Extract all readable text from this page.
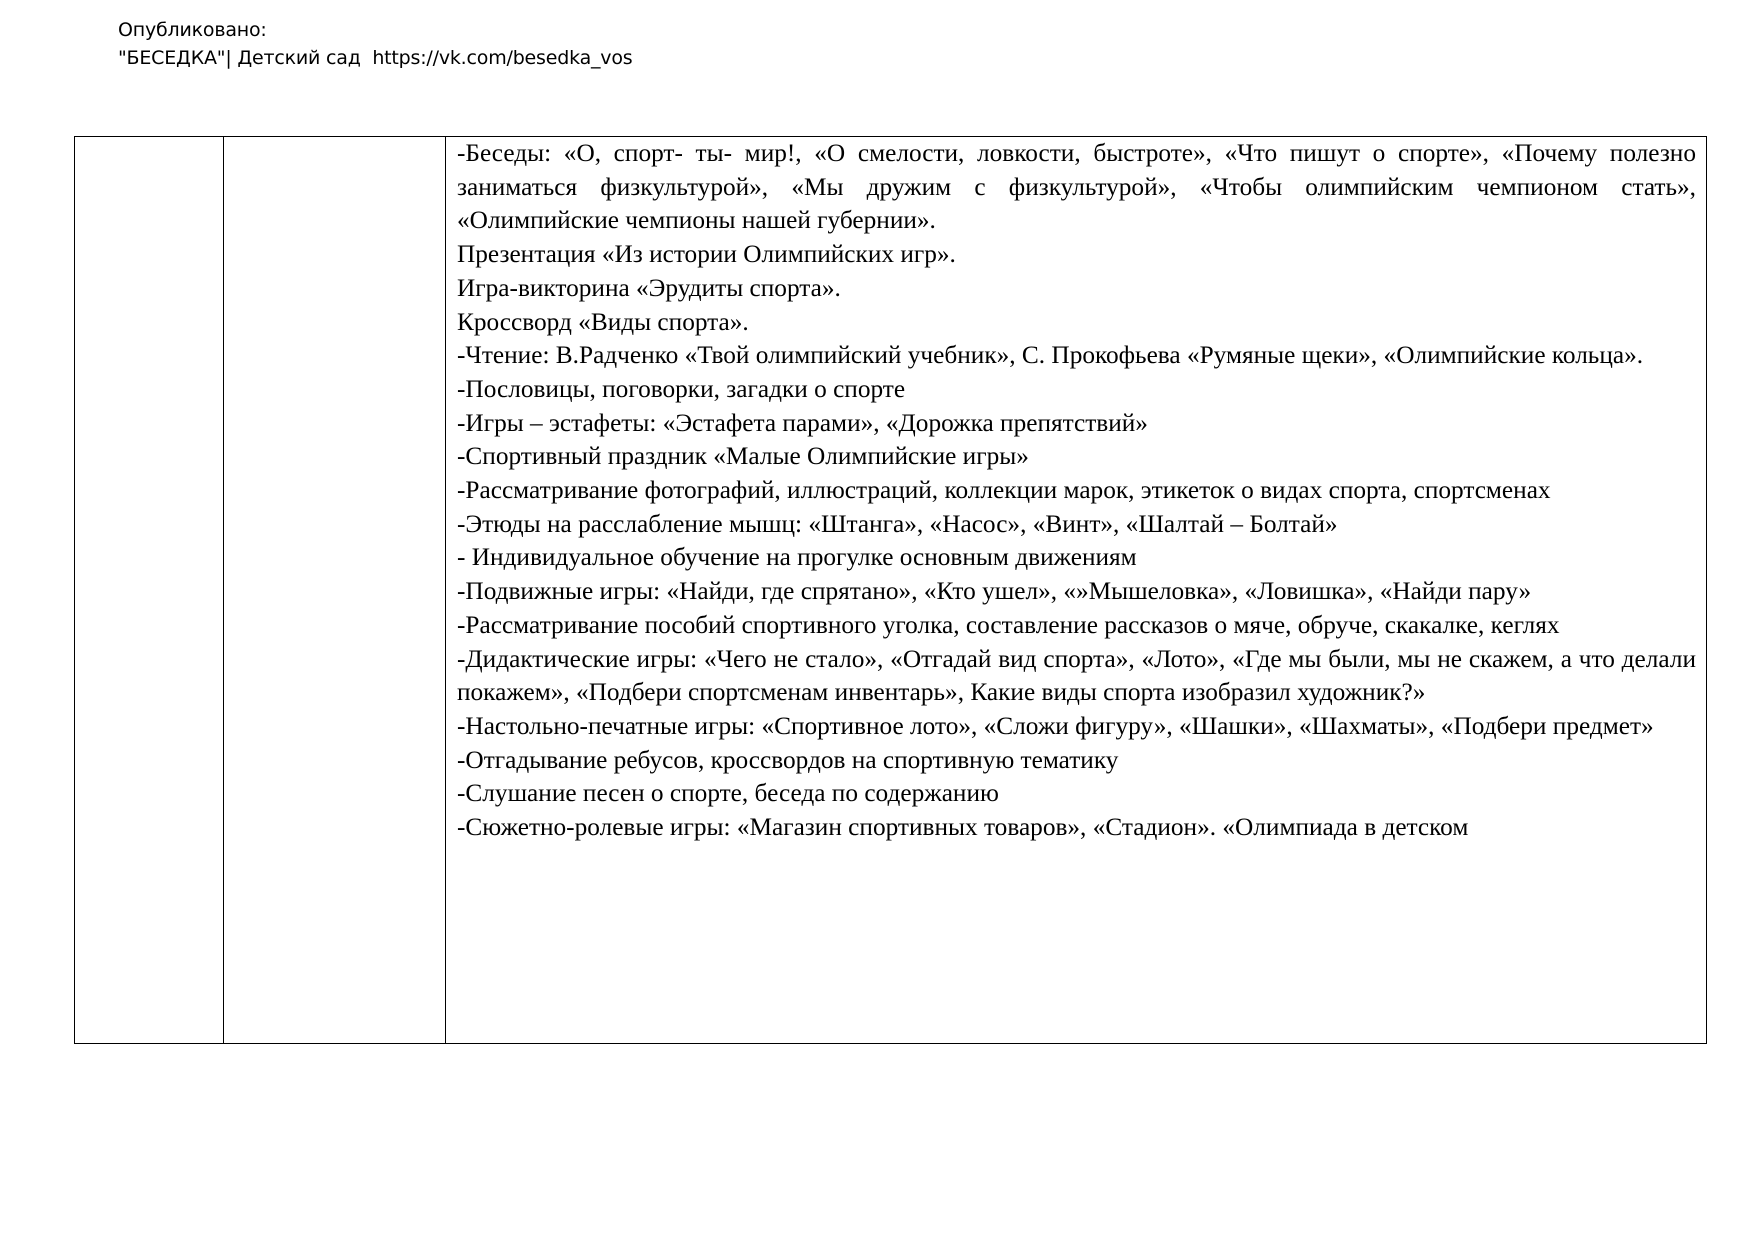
Опубликовано:
"БЕСЕДКА"| Детский сад  https://vk.com/besedka_vos

-Беседы: «О, спорт- ты- мир!, «О смелости, ловкости, быстроте», «Что пишут о спорте», «Почему полезно заниматься физкультурой», «Мы дружим с физкультурой», «Чтобы олимпийским чемпионом стать», «Олимпийские чемпионы нашей губернии».

Презентация «Из истории Олимпийских игр».

Игра-викторина «Эрудиты спорта».

Кроссворд «Виды спорта».

-Чтение: В.Радченко «Твой олимпийский учебник», С. Прокофьева «Румяные щеки», «Олимпийские кольца».

-Пословицы, поговорки, загадки о спорте

-Игры – эстафеты: «Эстафета парами», «Дорожка препятствий»

-Спортивный праздник «Малые Олимпийские игры»

-Рассматривание фотографий, иллюстраций, коллекции марок, этикеток о видах спорта, спортсменах

-Этюды на расслабление мышц: «Штанга», «Насос», «Винт», «Шалтай – Болтай»

- Индивидуальное обучение на прогулке основным движениям

-Подвижные игры: «Найди, где спрятано», «Кто ушел», «»Мышеловка», «Ловишка», «Найди пару»

-Рассматривание пособий спортивного уголка, составление рассказов о мяче, обруче, скакалке, кеглях

-Дидактические игры: «Чего не стало», «Отгадай вид спорта», «Лото», «Где мы были, мы не скажем, а что делали покажем», «Подбери спортсменам инвентарь», Какие виды спорта изобразил художник?»

-Настольно-печатные игры: «Спортивное лото», «Сложи фигуру», «Шашки», «Шахматы», «Подбери предмет»

-Отгадывание ребусов, кроссвордов на спортивную тематику

-Слушание песен о спорте, беседа по содержанию

-Сюжетно-ролевые игры: «Магазин спортивных товаров», «Стадион». «Олимпиада в детском
